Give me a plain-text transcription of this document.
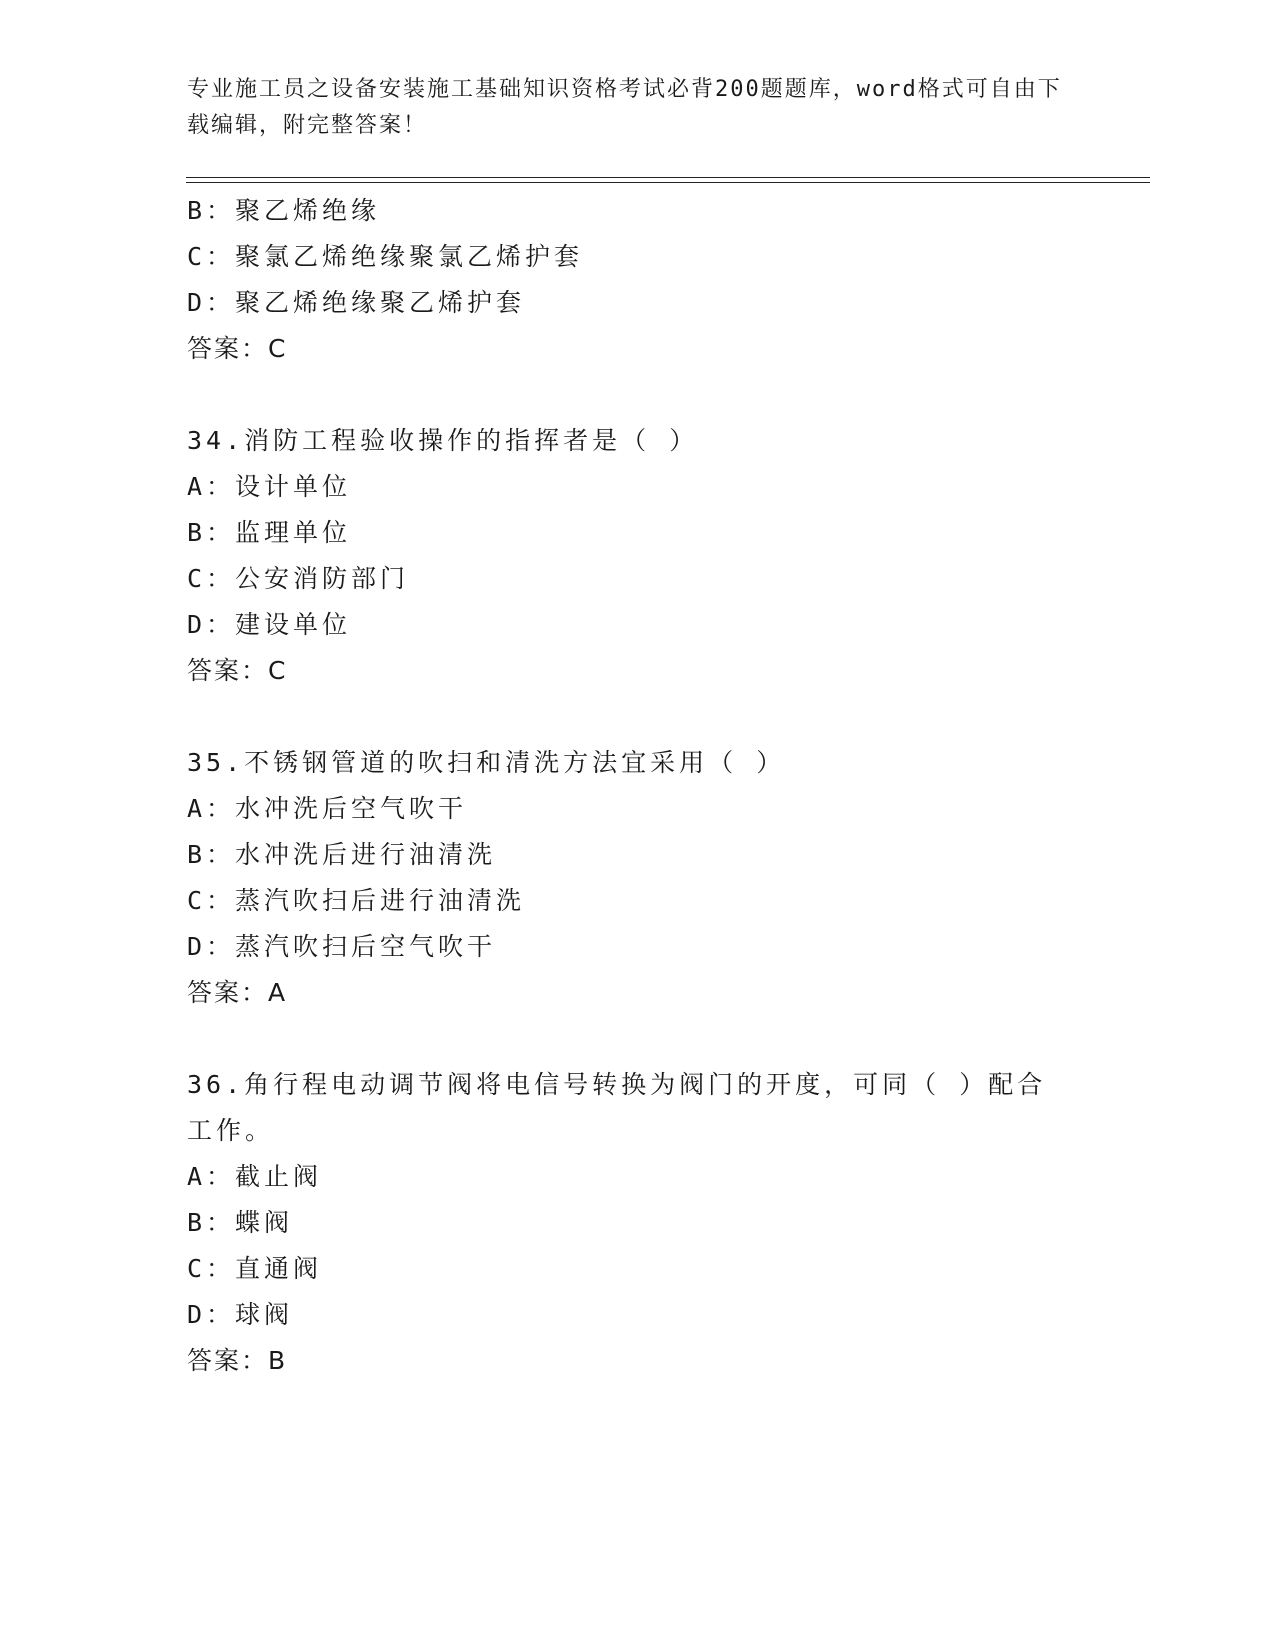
专业施工员之设备安装施工基础知识资格考试必背200题题库，word格式可自由下载编辑，附完整答案！
B：聚乙烯绝缘
C：聚氯乙烯绝缘聚氯乙烯护套
D：聚乙烯绝缘聚乙烯护套
答案：C
34.消防工程验收操作的指挥者是（ ）
A：设计单位
B：监理单位
C：公安消防部门
D：建设单位
答案：C
35.不锈钢管道的吹扫和清洗方法宜采用（ ）
A：水冲洗后空气吹干
B：水冲洗后进行油清洗
C：蒸汽吹扫后进行油清洗
D：蒸汽吹扫后空气吹干
答案：A
36.角行程电动调节阀将电信号转换为阀门的开度，可同（ ）配合工作。
A：截止阀
B：蝶阀
C：直通阀
D：球阀
答案：B
